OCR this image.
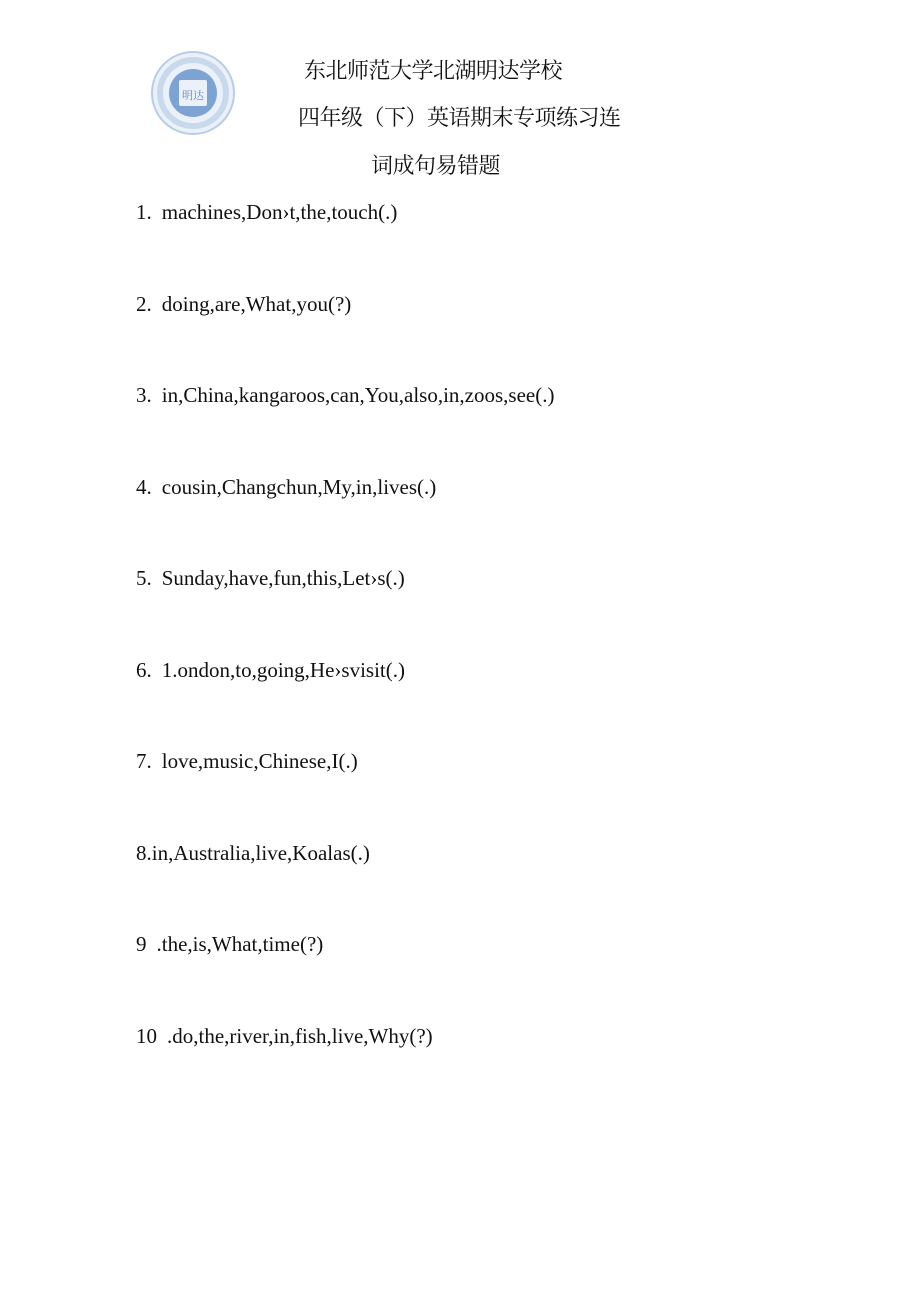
明达
东北师范大学北湖明达学校
四年级（下）英语期末专项练习连
词成句易错题
1. machines,Don›t,the,touch(.)
2. doing,are,What,you(?)
3. in,China,kangaroos,can,You,also,in,zoos,see(.)
4. cousin,Changchun,My,in,lives(.)
5. Sunday,have,fun,this,Let›s(.)
6. 1.ondon,to,going,He›svisit(.)
7. love,music,Chinese,I(.)
8.in,Australia,live,Koalas(.)
9 .the,is,What,time(?)
10 .do,the,river,in,fish,live,Why(?)
